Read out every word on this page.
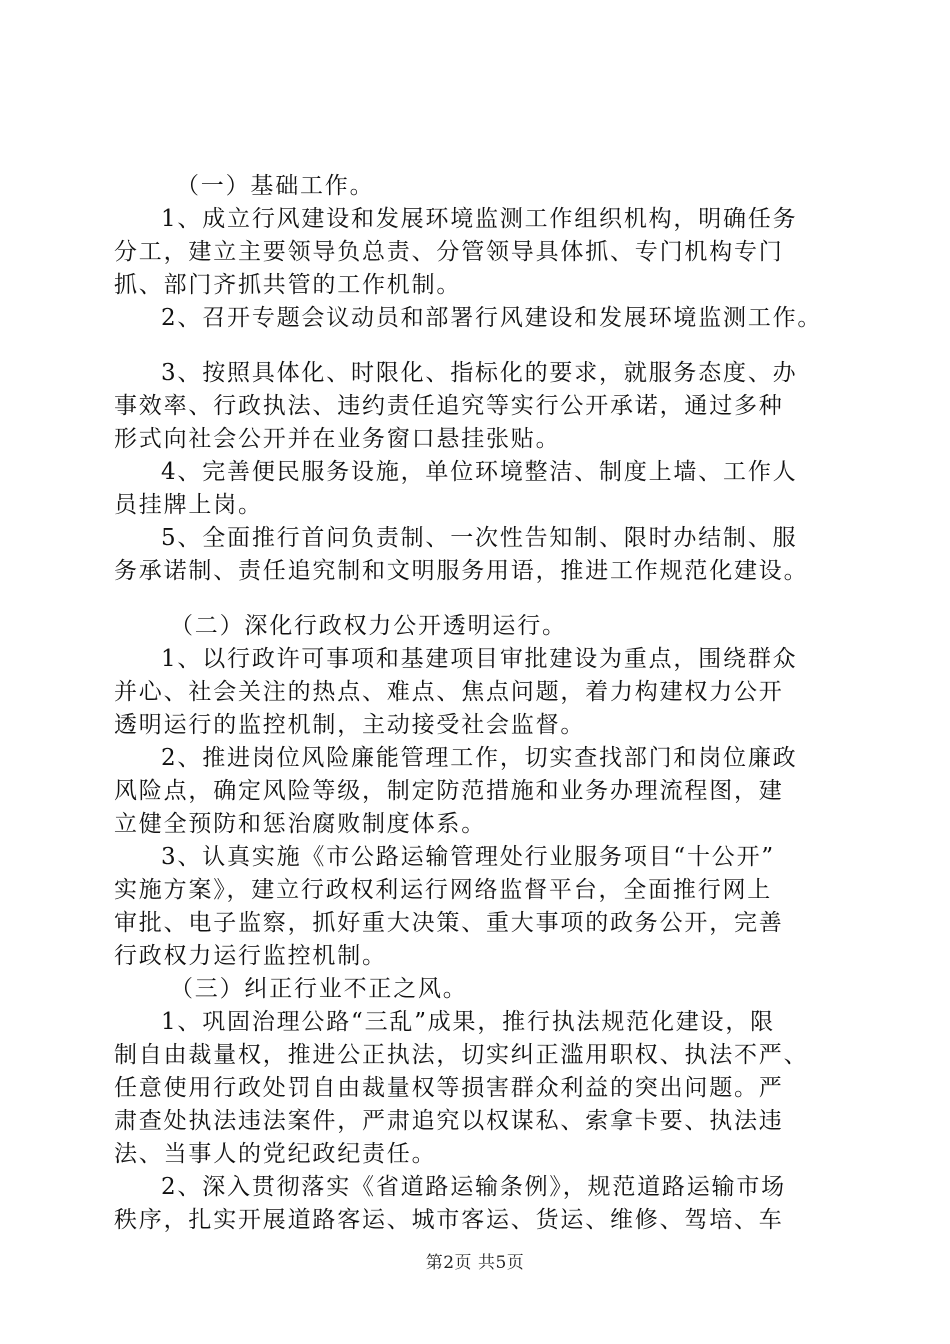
（一）基础工作。
1、成立行风建设和发展环境监测工作组织机构，明确任务
分工，建立主要领导负总责、分管领导具体抓、专门机构专门
抓、部门齐抓共管的工作机制。
2、召开专题会议动员和部署行风建设和发展环境监测工作。
3、按照具体化、时限化、指标化的要求，就服务态度、办
事效率、行政执法、违约责任追究等实行公开承诺，通过多种
形式向社会公开并在业务窗口悬挂张贴。
4、完善便民服务设施，单位环境整洁、制度上墙、工作人
员挂牌上岗。
5、全面推行首问负责制、一次性告知制、限时办结制、服
务承诺制、责任追究制和文明服务用语，推进工作规范化建设。
（二）深化行政权力公开透明运行。
1、以行政许可事项和基建项目审批建设为重点，围绕群众
并心、社会关注的热点、难点、焦点问题，着力构建权力公开
透明运行的监控机制，主动接受社会监督。
2、推进岗位风险廉能管理工作，切实查找部门和岗位廉政
风险点，确定风险等级，制定防范措施和业务办理流程图，建
立健全预防和惩治腐败制度体系。
3、认真实施《市公路运输管理处行业服务项目“十公开”
实施方案》，建立行政权利运行网络监督平台，全面推行网上
审批、电子监察，抓好重大决策、重大事项的政务公开，完善
行政权力运行监控机制。
（三）纠正行业不正之风。
1、巩固治理公路“三乱”成果，推行执法规范化建设，限
制自由裁量权，推进公正执法，切实纠正滥用职权、执法不严、
任意使用行政处罚自由裁量权等损害群众利益的突出问题。严
肃查处执法违法案件，严肃追究以权谋私、索拿卡要、执法违
法、当事人的党纪政纪责任。
2、深入贯彻落实《省道路运输条例》，规范道路运输市场
秩序，扎实开展道路客运、城市客运、货运、维修、驾培、车
第2页 共5页
